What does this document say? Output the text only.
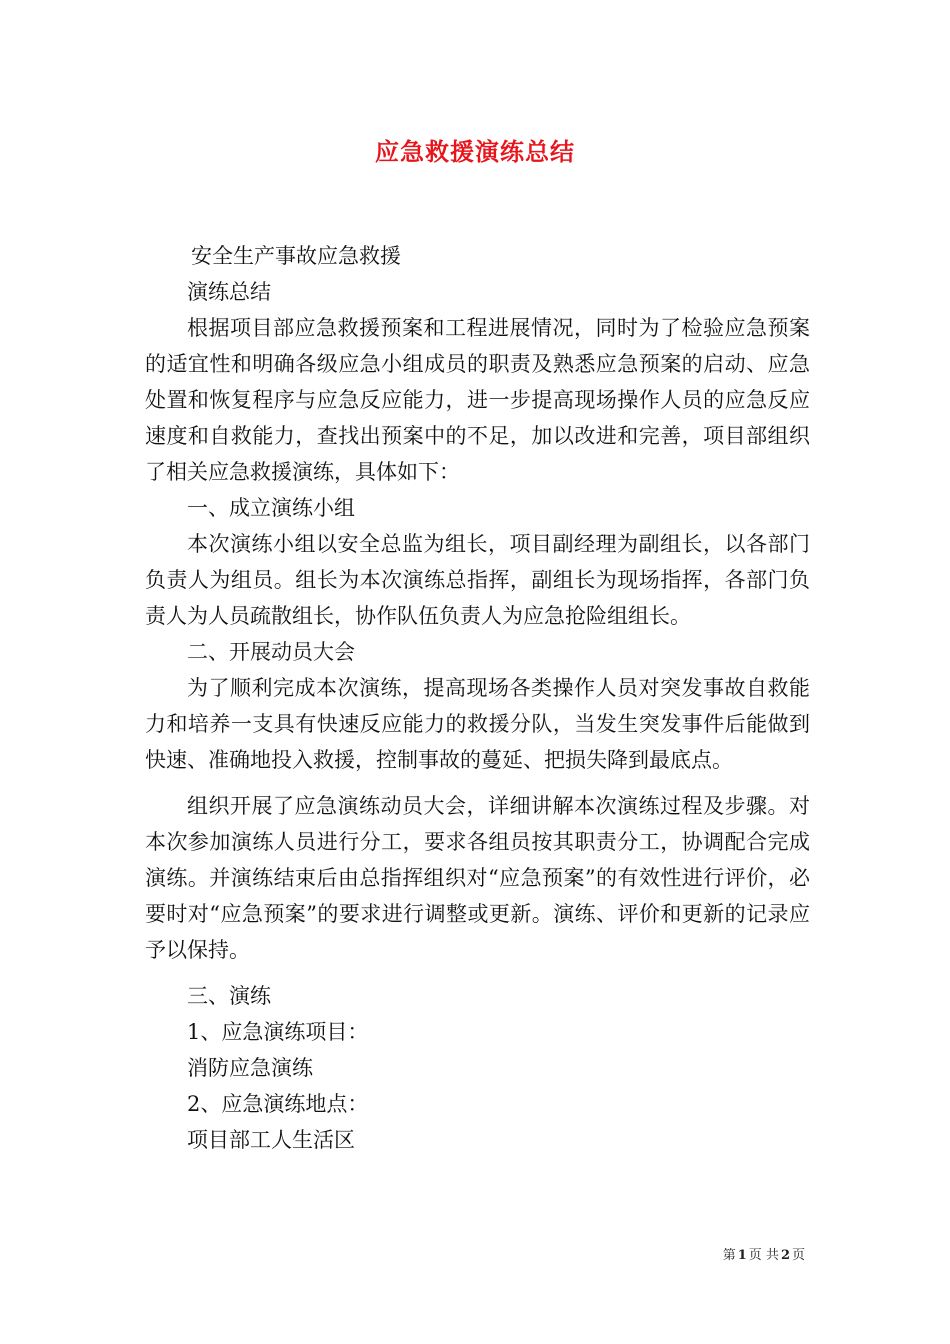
应急救援演练总结

安全生产事故应急救援

演练总结

根据项目部应急救援预案和工程进展情况，同时为了检验应急预案的适宜性和明确各级应急小组成员的职责及熟悉应急预案的启动、应急处置和恢复程序与应急反应能力，进一步提高现场操作人员的应急反应速度和自救能力，查找出预案中的不足，加以改进和完善，项目部组织了相关应急救援演练，具体如下：

一、成立演练小组

本次演练小组以安全总监为组长，项目副经理为副组长，以各部门负责人为组员。组长为本次演练总指挥，副组长为现场指挥，各部门负责人为人员疏散组长，协作队伍负责人为应急抢险组组长。

二、开展动员大会

为了顺利完成本次演练，提高现场各类操作人员对突发事故自救能力和培养一支具有快速反应能力的救援分队，当发生突发事件后能做到快速、准确地投入救援，控制事故的蔓延、把损失降到最底点。

组织开展了应急演练动员大会，详细讲解本次演练过程及步骤。对本次参加演练人员进行分工，要求各组员按其职责分工，协调配合完成演练。并演练结束后由总指挥组织对“应急预案”的有效性进行评价，必要时对“应急预案”的要求进行调整或更新。演练、评价和更新的记录应予以保持。

三、演练

1、应急演练项目：

消防应急演练

2、应急演练地点：

项目部工人生活区

第 1 页 共 2 页
